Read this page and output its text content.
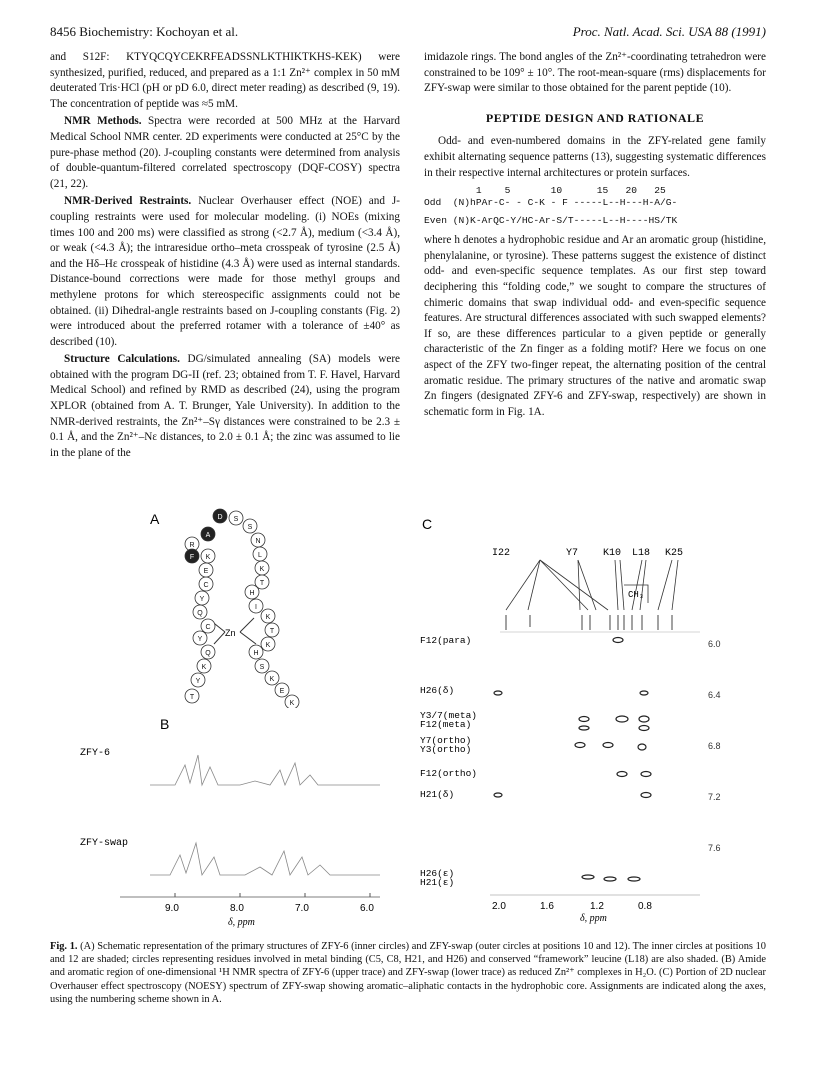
8456 Biochemistry: Kochoyan et al.	Proc. Natl. Acad. Sci. USA 88 (1991)

and S12F: KTYQCQYCEKRFEADSSNLKTHIKTKHS-KEK) were synthesized, purified, reduced, and prepared as a 1:1 Zn²⁺ complex in 50 mM deuterated Tris·HCl (pH or pD 6.0, direct meter reading) as described (9, 19). The concentration of peptide was ≈5 mM.

NMR Methods. Spectra were recorded at 500 MHz at the Harvard Medical School NMR center. 2D experiments were conducted at 25°C by the pure-phase method (20). J-coupling constants were determined from analysis of double-quantum-filtered correlated spectroscopy (DQF-COSY) spectra (21, 22).

NMR-Derived Restraints. Nuclear Overhauser effect (NOE) and J-coupling restraints were used for molecular modeling. (i) NOEs (mixing times 100 and 200 ms) were classified as strong (<2.7 Å), medium (<3.4 Å), or weak (<4.3 Å); the intraresidue ortho–meta crosspeak of tyrosine (2.5 Å) and the Hδ–Hε crosspeak of histidine (4.3 Å) were used as internal standards. Distance-bound corrections were made for those methyl groups and methylene protons for which stereospecific assignments could not be obtained. (ii) Dihedral-angle restraints based on J-coupling constants (Fig. 2) were introduced about the preferred rotamer with a tolerance of ±40° as described (10).

Structure Calculations. DG/simulated annealing (SA) models were obtained with the program DG-II (ref. 23; obtained from T. F. Havel, Harvard Medical School) and refined by RMD as described (24), using the program XPLOR (obtained from A. T. Brunger, Yale University). In addition to the NMR-derived restraints, the Zn²⁺–Sγ distances were constrained to be 2.3 ± 0.1 Å, and the Zn²⁺–Nε distances, to 2.0 ± 0.1 Å; the zinc was assumed to lie in the plane of the

imidazole rings. The bond angles of the Zn²⁺-coordinating tetrahedron were constrained to be 109° ± 10°. The root-mean-square (rms) displacements for ZFY-swap were similar to those obtained for the parent peptide (10).

PEPTIDE DESIGN AND RATIONALE

Odd- and even-numbered domains in the ZFY-related gene family exhibit alternating sequence patterns (13), suggesting systematic differences in their respective internal architectures or protein surfaces.

1    5       10      15   20   25
Odd  (N)hPAr-C- - C-K - F -----L--H---H-A/G-
Even (N)K-ArQC-Y/HC-Ar-S/T-----L--H----HS/TK

where h denotes a hydrophobic residue and Ar an aromatic group (histidine, phenylalanine, or tyrosine). These patterns suggest the existence of distinct odd- and even-specific sequence templates. As our first step toward deciphering this “folding code,” we sought to compare the structures of chimeric domains that swap individual odd- and even-specific sequence features. Are structural differences associated with such swapped elements? If so, are these differences particular to a given peptide or generally characteristic of the Zn finger as a folding motif? Here we focus on one aspect of the ZFY two-finger repeat, the alternating position of the central aromatic residue. The primary structures of the native and aromatic swap Zn fingers (designated ZFY-6 and ZFY-swap, respectively) are shown in schematic form in Fig. 1A.

A
Zn
D S
S
N
L
K
T
H
I
K
T
K
H
S
K
E
K
T
Y
K
Q
Y
C
Q
Y
C
E
K
R
F
A
B
ZFY-6
ZFY-swap
9.0	8.0	7.0	6.0
δ, ppm
C
I22	Y7 K10 L18 K25
CH₃
F12(para)
H26(δ)
Y3/7(meta)
F12(meta)
Y7(ortho)
Y3(ortho)
F12(ortho)
H21(δ)
H26(ε)
H21(ε)
6.0
6.4
6.8
7.2
7.6
2.0	1.6	1.2	0.8
δ, ppm
Fig. 1. (A) Schematic representation of the primary structures of ZFY-6 (inner circles) and ZFY-swap (outer circles at positions 10 and 12). The inner circles at positions 10 and 12 are shaded; circles representing residues involved in metal binding (C5, C8, H21, and H26) and conserved “framework” leucine (L18) are also shaded. (B) Amide and aromatic region of one-dimensional ¹H NMR spectra of ZFY-6 (upper trace) and ZFY-swap (lower trace) as reduced Zn²⁺ complexes in H₂O. (C) Portion of 2D nuclear Overhauser effect spectroscopy (NOESY) spectrum of ZFY-swap showing aromatic–aliphatic contacts in the hydrophobic core. Assignments are indicated along the axes, using the numbering scheme shown in A.
